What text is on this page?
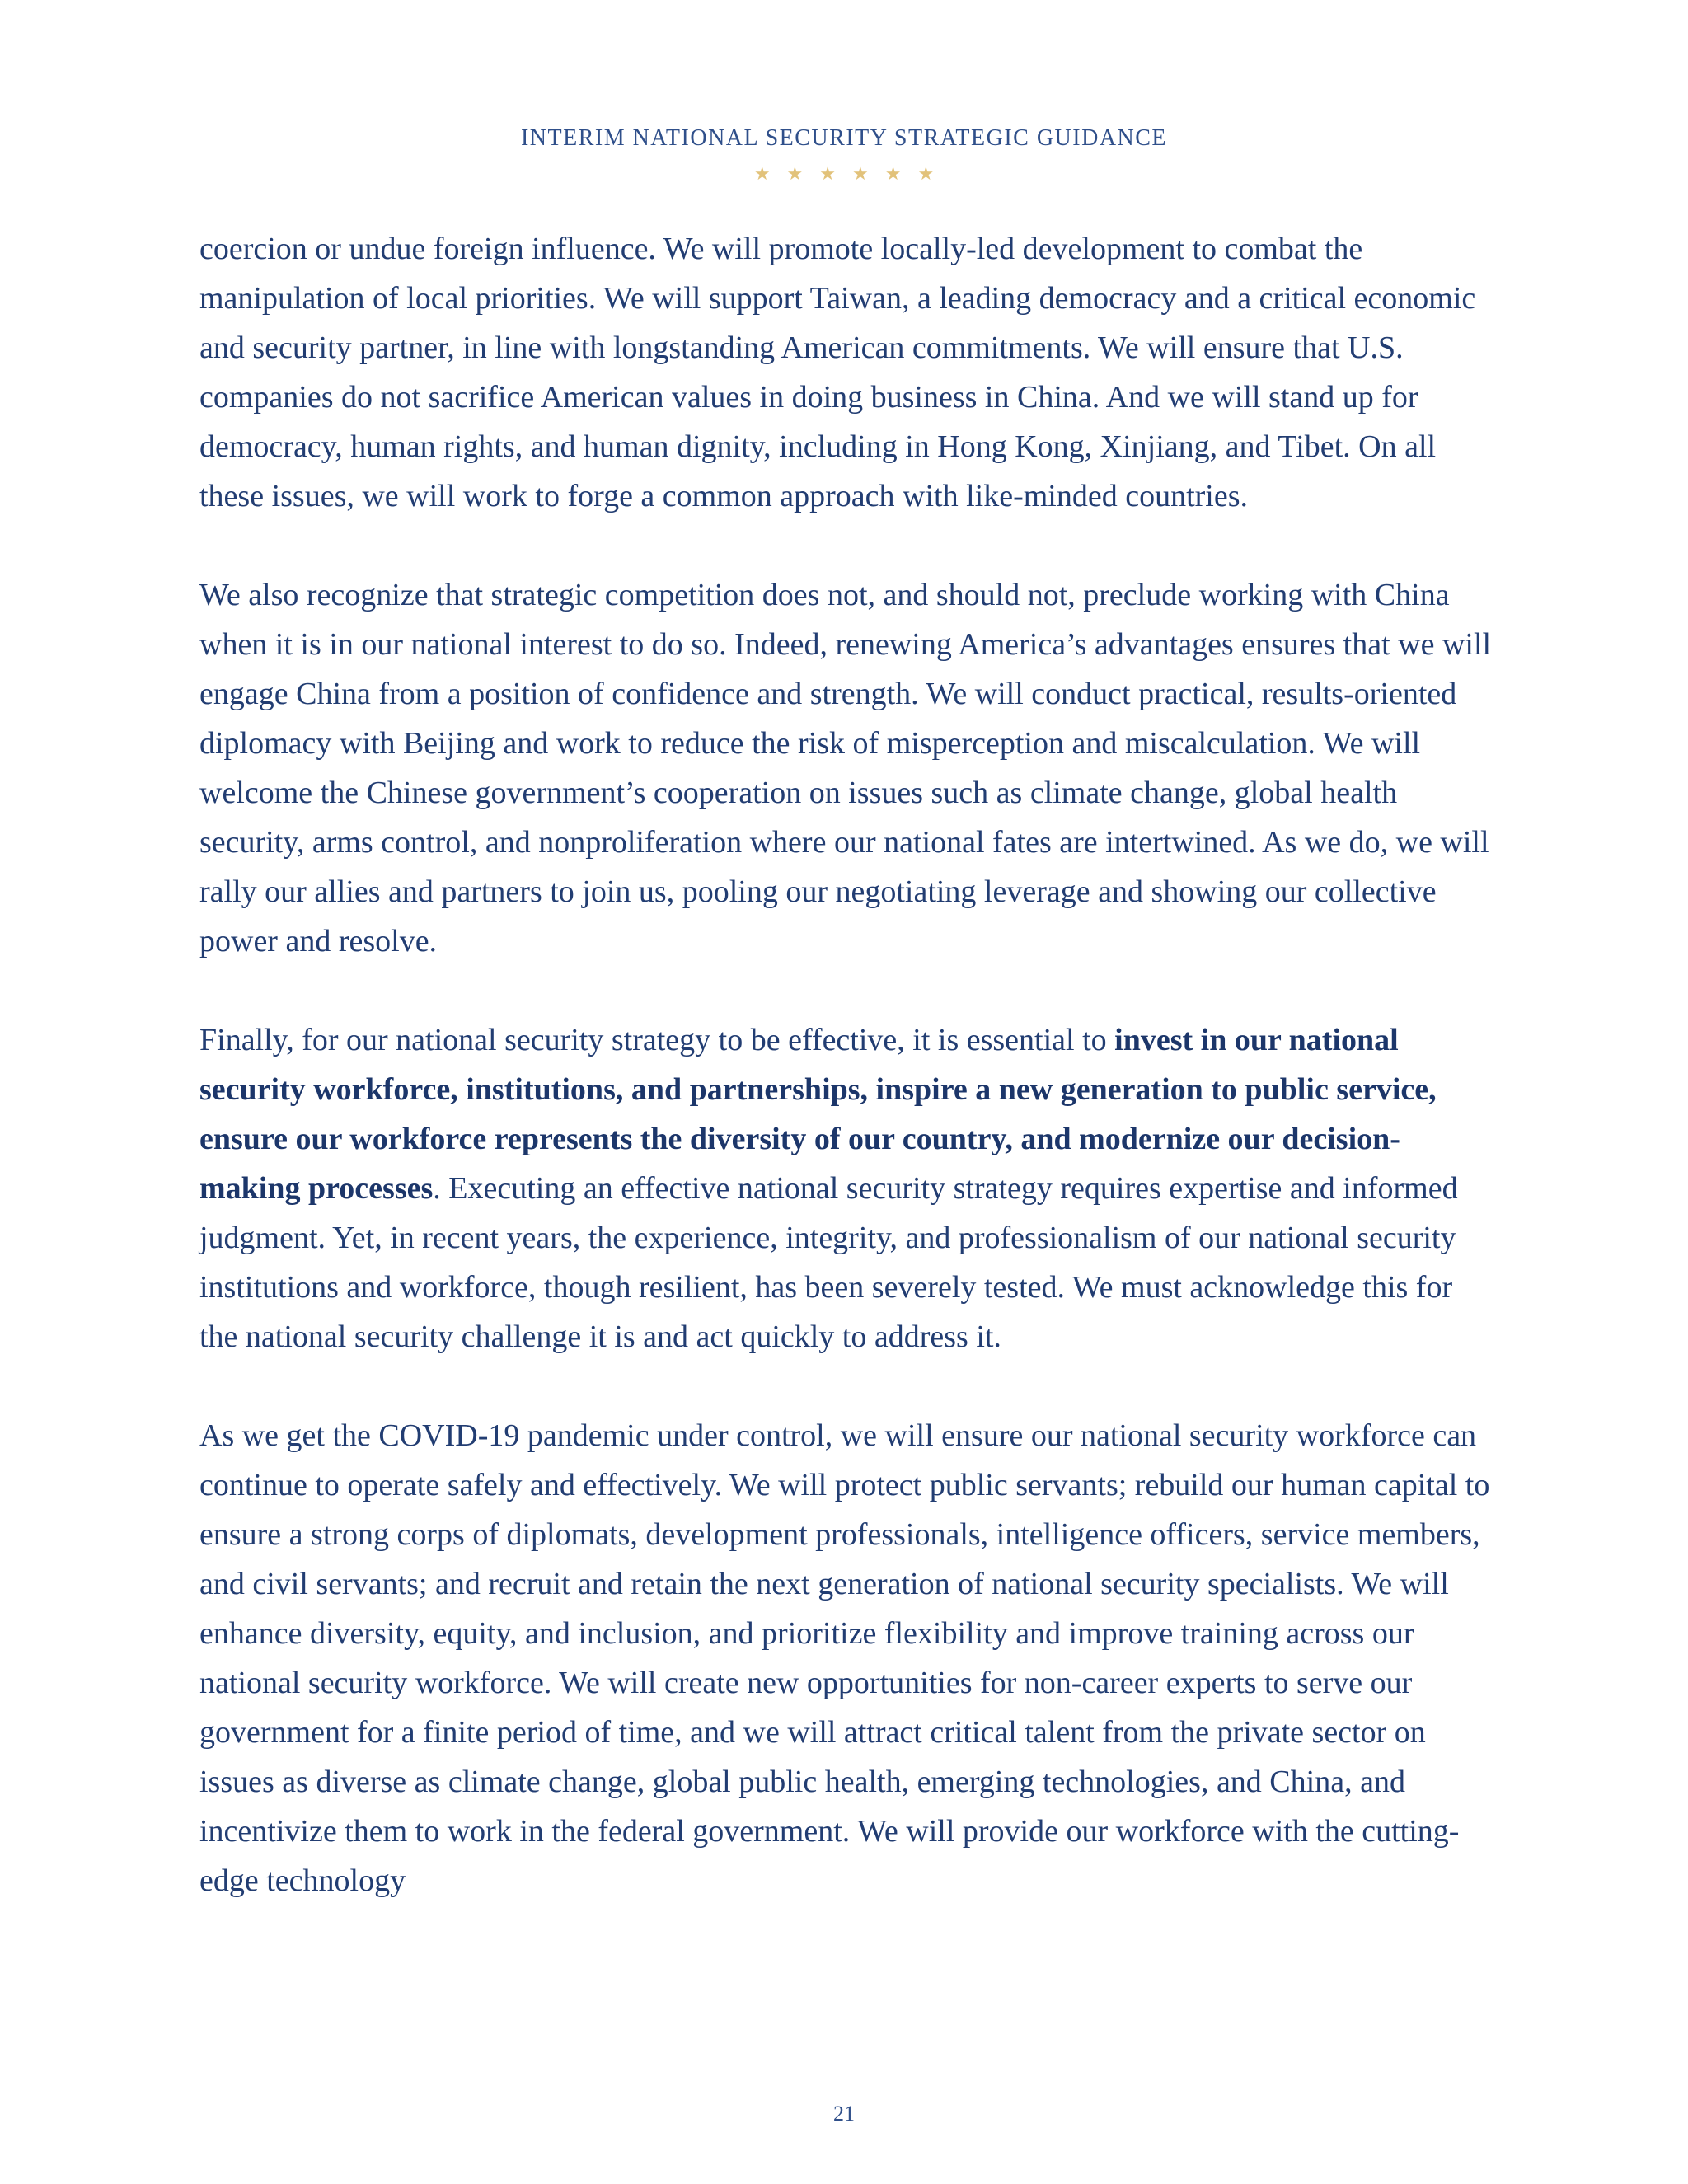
INTERIM NATIONAL SECURITY STRATEGIC GUIDANCE
★★★★★★

coercion or undue foreign influence. We will promote locally-led development to combat the manipulation of local priorities. We will support Taiwan, a leading democracy and a critical economic and security partner, in line with longstanding American commitments. We will ensure that U.S. companies do not sacrifice American values in doing business in China. And we will stand up for democracy, human rights, and human dignity, including in Hong Kong, Xinjiang, and Tibet. On all these issues, we will work to forge a common approach with like-minded countries.

We also recognize that strategic competition does not, and should not, preclude working with China when it is in our national interest to do so. Indeed, renewing America’s advantages ensures that we will engage China from a position of confidence and strength. We will conduct practical, results-oriented diplomacy with Beijing and work to reduce the risk of misperception and miscalculation. We will welcome the Chinese government’s cooperation on issues such as climate change, global health security, arms control, and nonproliferation where our national fates are intertwined. As we do, we will rally our allies and partners to join us, pooling our negotiating leverage and showing our collective power and resolve.

Finally, for our national security strategy to be effective, it is essential to invest in our national security workforce, institutions, and partnerships, inspire a new generation to public service, ensure our workforce represents the diversity of our country, and modernize our decision-making processes. Executing an effective national security strategy requires expertise and informed judgment. Yet, in recent years, the experience, integrity, and professionalism of our national security institutions and workforce, though resilient, has been severely tested. We must acknowledge this for the national security challenge it is and act quickly to address it.

As we get the COVID-19 pandemic under control, we will ensure our national security workforce can continue to operate safely and effectively. We will protect public servants; rebuild our human capital to ensure a strong corps of diplomats, development professionals, intelligence officers, service members, and civil servants; and recruit and retain the next generation of national security specialists. We will enhance diversity, equity, and inclusion, and prioritize flexibility and improve training across our national security workforce. We will create new opportunities for non-career experts to serve our government for a finite period of time, and we will attract critical talent from the private sector on issues as diverse as climate change, global public health, emerging technologies, and China, and incentivize them to work in the federal government. We will provide our workforce with the cutting-edge technology

21
